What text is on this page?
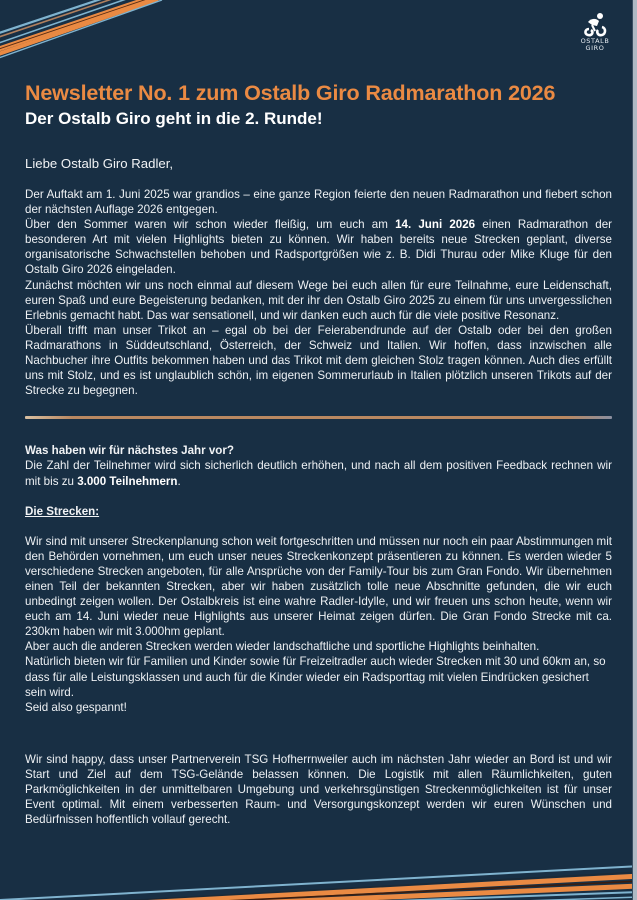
OSTALB
GIRO
Newsletter No. 1 zum Ostalb Giro Radmarathon 2026
Der Ostalb Giro geht in die 2. Runde!
Liebe Ostalb Giro Radler,

Der Auftakt am 1. Juni 2025 war grandios – eine ganze Region feierte den neuen Radmarathon und fiebert schon der nächsten Auflage 2026 entgegen.

Über den Sommer waren wir schon wieder fleißig, um euch am 14. Juni 2026 einen Radmarathon der besonderen Art mit vielen Highlights bieten zu können. Wir haben bereits neue Strecken geplant, diverse organisatorische Schwachstellen behoben und Radsportgrößen wie z. B. Didi Thurau oder Mike Kluge für den Ostalb Giro 2026 eingeladen.

Zunächst möchten wir uns noch einmal auf diesem Wege bei euch allen für eure Teilnahme, eure Leidenschaft, euren Spaß und eure Begeisterung bedanken, mit der ihr den Ostalb Giro 2025 zu einem für uns unvergesslichen Erlebnis gemacht habt. Das war sensationell, und wir danken euch auch für die viele positive Resonanz.

Überall trifft man unser Trikot an – egal ob bei der Feierabendrunde auf der Ostalb oder bei den großen Radmarathons in Süddeutschland, Österreich, der Schweiz und Italien. Wir hoffen, dass inzwischen alle Nachbucher ihre Outfits bekommen haben und das Trikot mit dem gleichen Stolz tragen können. Auch dies erfüllt uns mit Stolz, und es ist unglaublich schön, im eigenen Sommerurlaub in Italien plötzlich unseren Trikots auf der Strecke zu begegnen.

Was haben wir für nächstes Jahr vor?

Die Zahl der Teilnehmer wird sich sicherlich deutlich erhöhen, und nach all dem positiven Feedback rechnen wir mit bis zu 3.000 Teilnehmern.

Die Strecken:

Wir sind mit unserer Streckenplanung schon weit fortgeschritten und müssen nur noch ein paar Abstimmungen mit den Behörden vornehmen, um euch unser neues Streckenkonzept präsentieren zu können. Es werden wieder 5 verschiedene Strecken angeboten, für alle Ansprüche von der Family-Tour bis zum Gran Fondo. Wir übernehmen einen Teil der bekannten Strecken, aber wir haben zusätzlich tolle neue Abschnitte gefunden, die wir euch unbedingt zeigen wollen. Der Ostalbkreis ist eine wahre Radler-Idylle, und wir freuen uns schon heute, wenn wir euch am 14. Juni wieder neue Highlights aus unserer Heimat zeigen dürfen. Die Gran Fondo Strecke mit ca. 230km haben wir mit 3.000hm geplant.

Aber auch die anderen Strecken werden wieder landschaftliche und sportliche Highlights beinhalten.

Natürlich bieten wir für Familien und Kinder sowie für Freizeitradler auch wieder Strecken mit 30 und 60km an, so dass für alle Leistungsklassen und auch für die Kinder wieder ein Radsporttag mit vielen Eindrücken gesichert sein wird.

Seid also gespannt!

Wir sind happy, dass unser Partnerverein TSG Hofherrnweiler auch im nächsten Jahr wieder an Bord ist und wir Start und Ziel auf dem TSG-Gelände belassen können. Die Logistik mit allen Räumlichkeiten, guten Parkmöglichkeiten in der unmittelbaren Umgebung und verkehrsgünstigen Streckenmöglichkeiten ist für unser Event optimal. Mit einem verbesserten Raum- und Versorgungskonzept werden wir euren Wünschen und Bedürfnissen hoffentlich vollauf gerecht.
